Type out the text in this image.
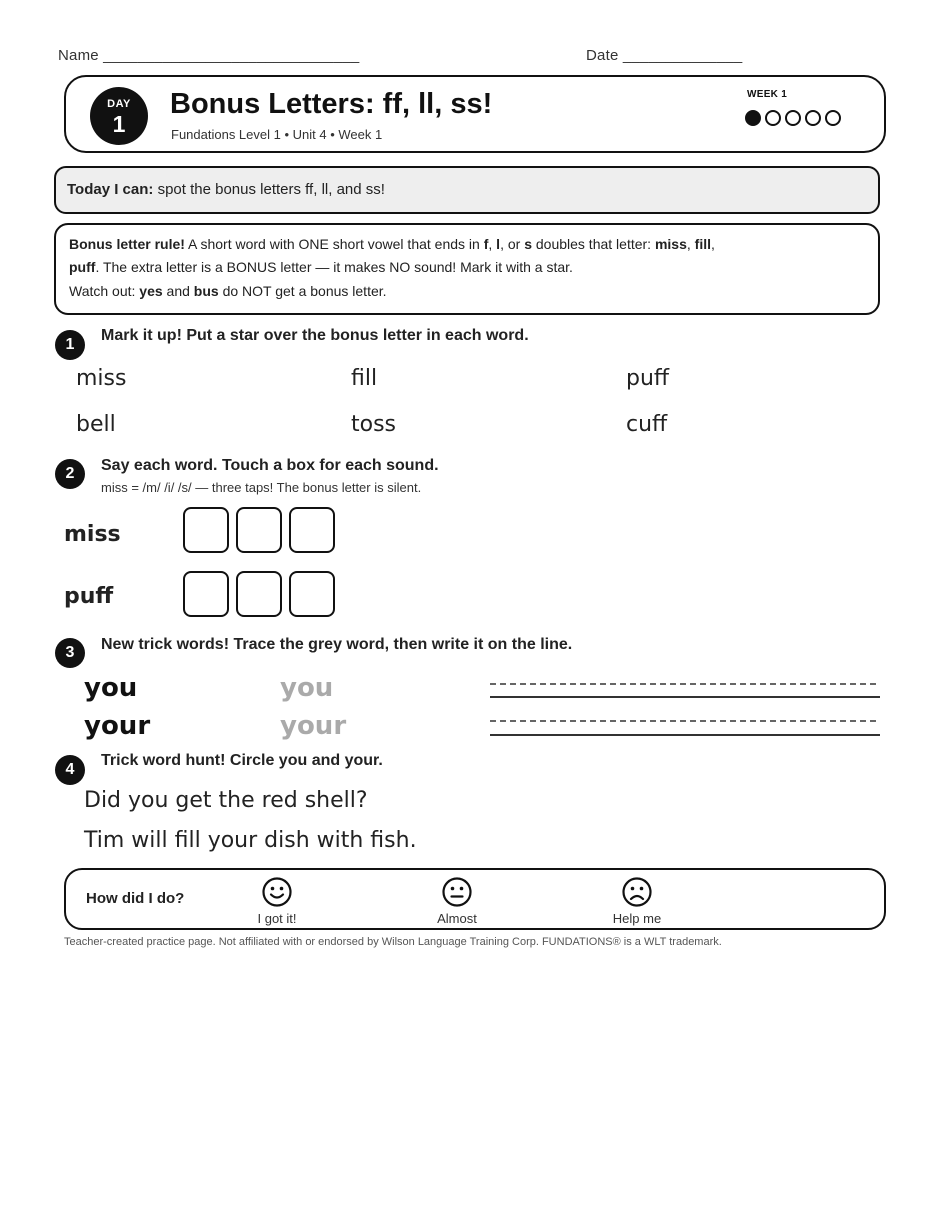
Name ______________________________	Date ______________
DAY
1
Bonus Letters: ff, ll, ss!
Fundations Level 1 • Unit 4 • Week 1
WEEK 1
Today I can: spot the bonus letters ff, ll, and ss!
Bonus letter rule! A short word with ONE short vowel that ends in f, l, or s doubles that letter: miss, fill,
puff. The extra letter is a BONUS letter — it makes NO sound! Mark it with a star.
Watch out: yes and bus do NOT get a bonus letter.
1
Mark it up! Put a star over the bonus letter in each word.
miss	fill	puff
bell	toss	cuff
2	Say each word. Touch a box for each sound.
miss = /m/ /i/ /s/ — three taps! The bonus letter is silent.
miss
puff
3	New trick words! Trace the grey word, then write it on the line.
you	you
your	your
4
Trick word hunt! Circle you and your.
Did you get the red shell?
Tim will fill your dish with fish.
How did I do?
I got it!	Almost	Help me
Teacher-created practice page. Not affiliated with or endorsed by Wilson Language Training Corp. FUNDATIONS® is a WLT trademark.
